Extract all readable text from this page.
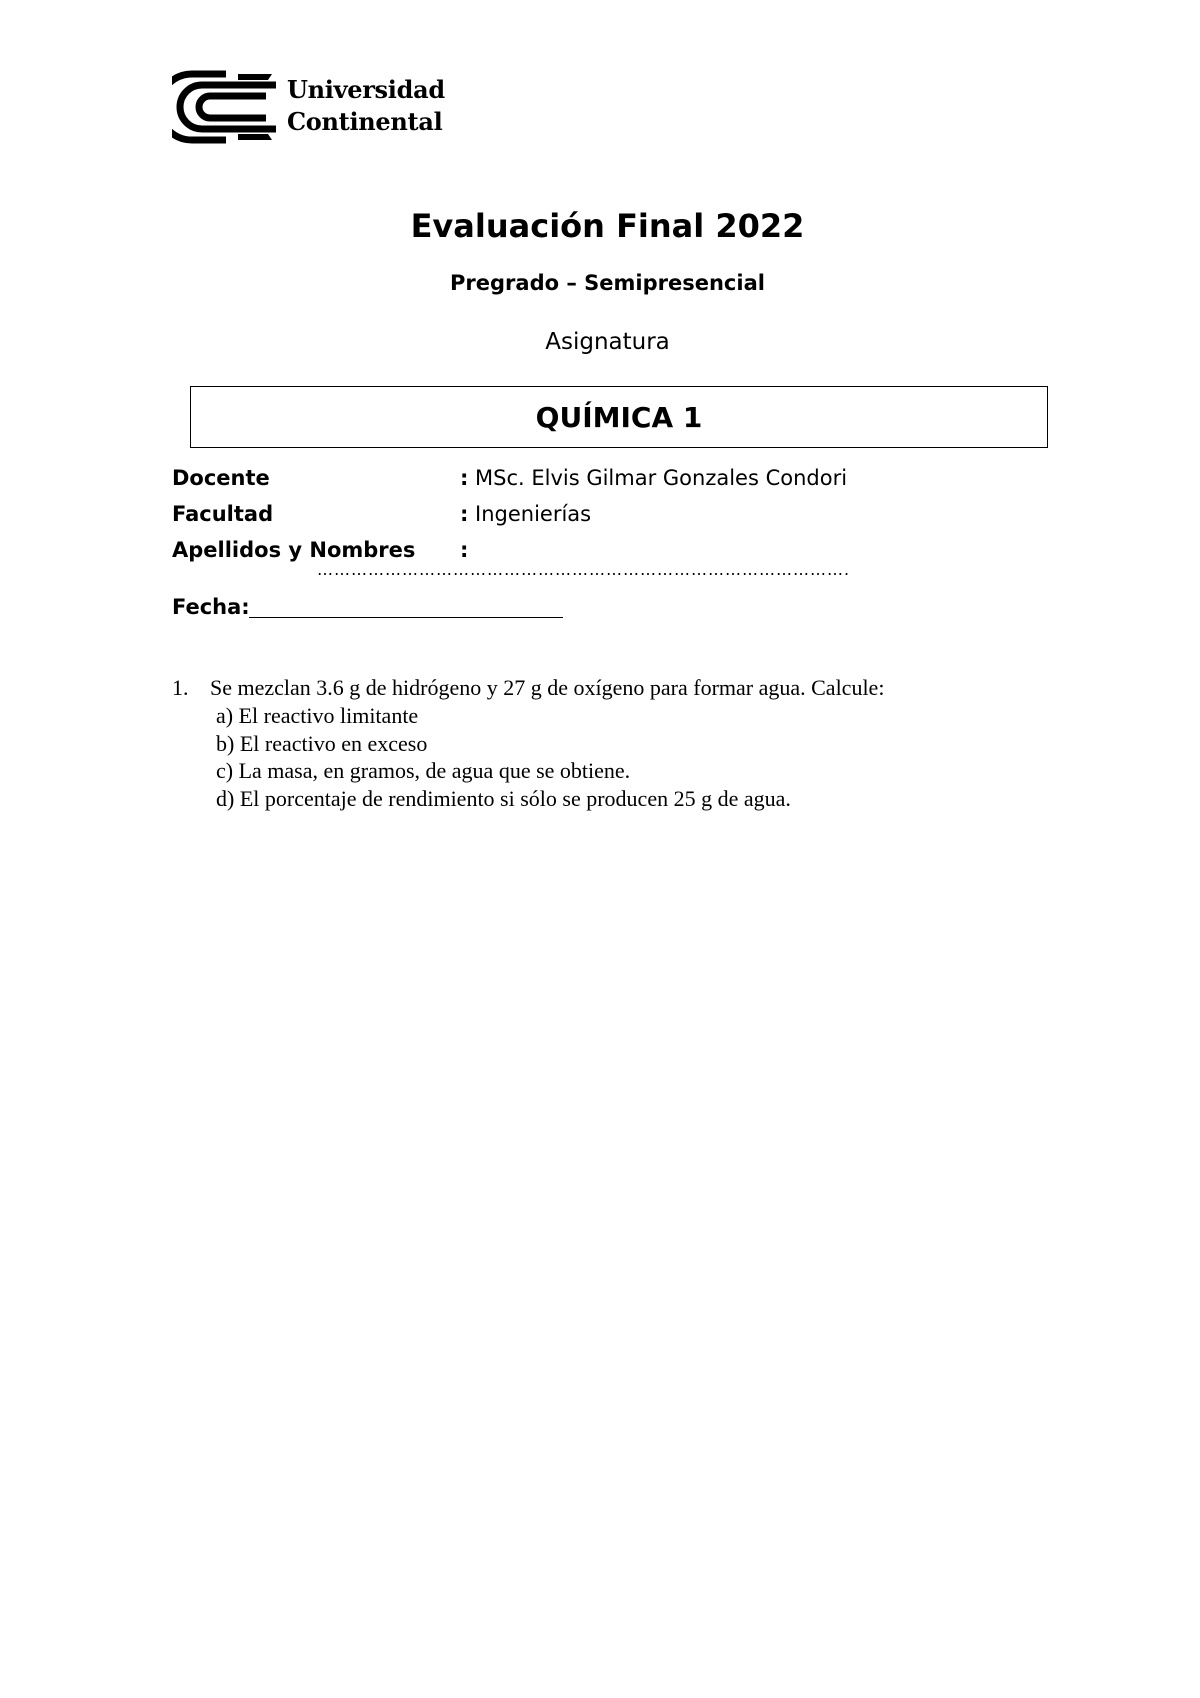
Universidad
Continental
Evaluación Final 2022
Pregrado – Semipresencial
Asignatura
QUÍMICA 1
Docente	: MSc. Elvis Gilmar Gonzales Condori
Facultad	: Ingenierías
Apellidos y Nombres :
………………………………………………………………………………….
Fecha:
1. Se mezclan 3.6 g de hidrógeno y 27 g de oxígeno para formar agua. Calcule:
a) El reactivo limitante
b) El reactivo en exceso
c) La masa, en gramos, de agua que se obtiene.
d) El porcentaje de rendimiento si sólo se producen 25 g de agua.
